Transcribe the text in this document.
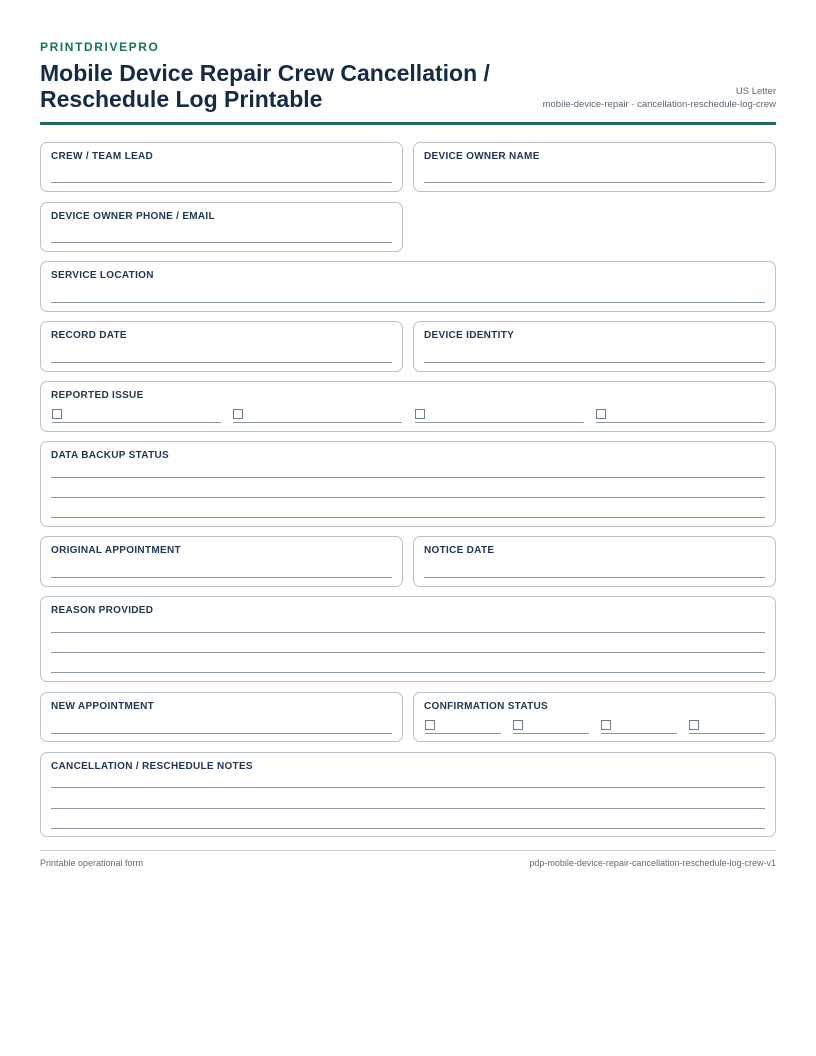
PRINTDRIVEPRO
Mobile Device Repair Crew Cancellation / Reschedule Log Printable	US Letter
mobile-device-repair · cancellation-reschedule-log-crew
CREW / TEAM LEAD	DEVICE OWNER NAME
DEVICE OWNER PHONE / EMAIL
SERVICE LOCATION
RECORD DATE	DEVICE IDENTITY
REPORTED ISSUE
DATA BACKUP STATUS
ORIGINAL APPOINTMENT	NOTICE DATE
REASON PROVIDED
NEW APPOINTMENT	CONFIRMATION STATUS
CANCELLATION / RESCHEDULE NOTES
Printable operational form	pdp-mobile-device-repair-cancellation-reschedule-log-crew-v1
